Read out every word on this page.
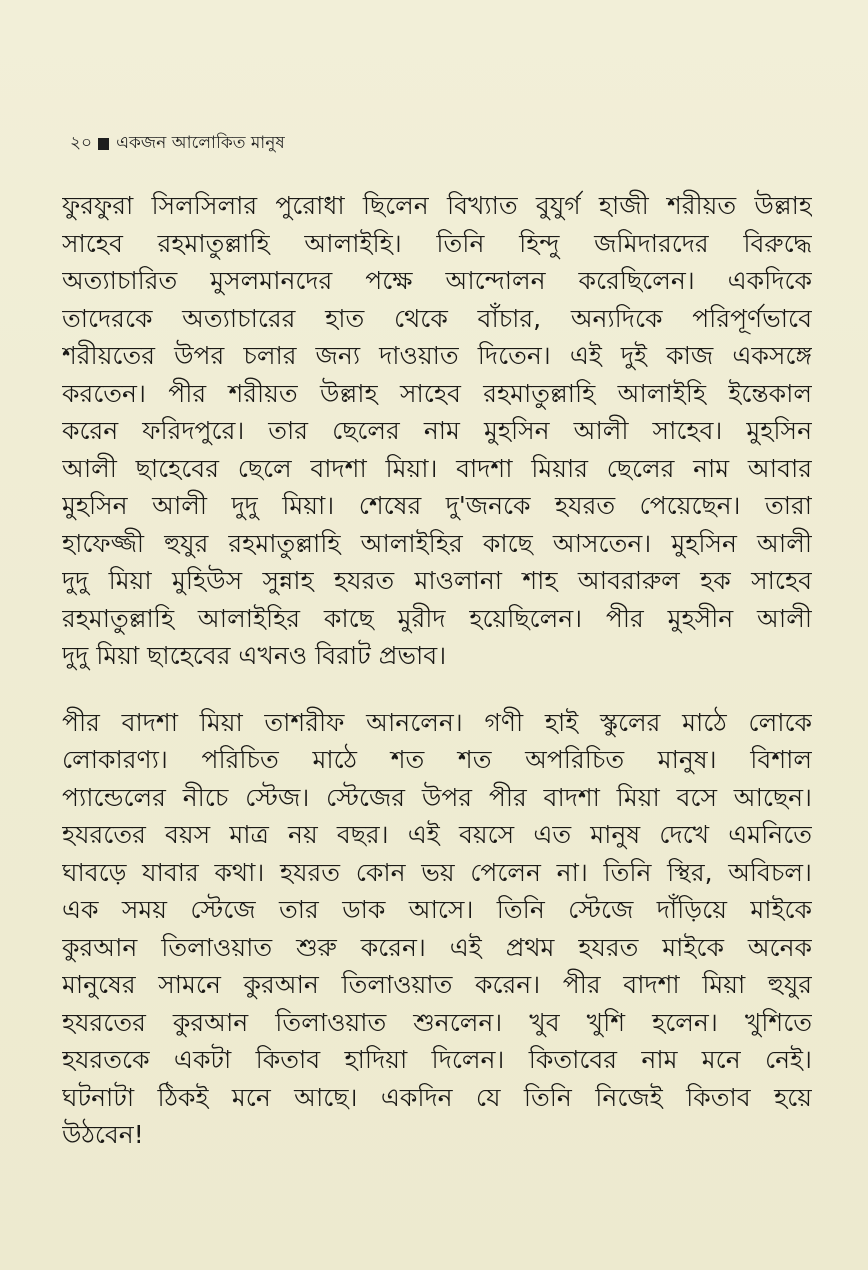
২০ একজন আলোকিত মানুষ
ফুরফুরা সিলসিলার পুরোধা ছিলেন বিখ্যাত বুযুর্গ হাজী শরীয়ত উল্লাহ
সাহেব রহমাতুল্লাহি আলাইহি। তিনি হিন্দু জমিদারদের বিরুদ্ধে
অত্যাচারিত মুসলমানদের পক্ষে আন্দোলন করেছিলেন। একদিকে
তাদেরকে অত্যাচারের হাত থেকে বাঁচার, অন্যদিকে পরিপূর্ণভাবে
শরীয়তের উপর চলার জন্য দাওয়াত দিতেন। এই দুই কাজ একসঙ্গে
করতেন। পীর শরীয়ত উল্লাহ সাহেব রহমাতুল্লাহি আলাইহি ইন্তেকাল
করেন ফরিদপুরে। তার ছেলের নাম মুহসিন আলী সাহেব। মুহসিন
আলী ছাহেবের ছেলে বাদশা মিয়া। বাদশা মিয়ার ছেলের নাম আবার
মুহসিন আলী দুদু মিয়া। শেষের দু'জনকে হযরত পেয়েছেন। তারা
হাফেজ্জী হুযুর রহমাতুল্লাহি আলাইহির কাছে আসতেন। মুহসিন আলী
দুদু মিয়া মুহিউস সুন্নাহ হযরত মাওলানা শাহ আবরারুল হক সাহেব
রহমাতুল্লাহি আলাইহির কাছে মুরীদ হয়েছিলেন। পীর মুহসীন আলী
দুদু মিয়া ছাহেবের এখনও বিরাট প্রভাব।
পীর বাদশা মিয়া তাশরীফ আনলেন। গণী হাই স্কুলের মাঠে লোকে
লোকারণ্য। পরিচিত মাঠে শত শত অপরিচিত মানুষ। বিশাল
প্যান্ডেলের নীচে স্টেজ। স্টেজের উপর পীর বাদশা মিয়া বসে আছেন।
হযরতের বয়স মাত্র নয় বছর। এই বয়সে এত মানুষ দেখে এমনিতে
ঘাবড়ে যাবার কথা। হযরত কোন ভয় পেলেন না। তিনি স্থির, অবিচল।
এক সময় স্টেজে তার ডাক আসে। তিনি স্টেজে দাঁড়িয়ে মাইকে
কুরআন তিলাওয়াত শুরু করেন। এই প্রথম হযরত মাইকে অনেক
মানুষের সামনে কুরআন তিলাওয়াত করেন। পীর বাদশা মিয়া হুযুর
হযরতের কুরআন তিলাওয়াত শুনলেন। খুব খুশি হলেন। খুশিতে
হযরতকে একটা কিতাব হাদিয়া দিলেন। কিতাবের নাম মনে নেই।
ঘটনাটা ঠিকই মনে আছে। একদিন যে তিনি নিজেই কিতাব হয়ে
উঠবেন!
